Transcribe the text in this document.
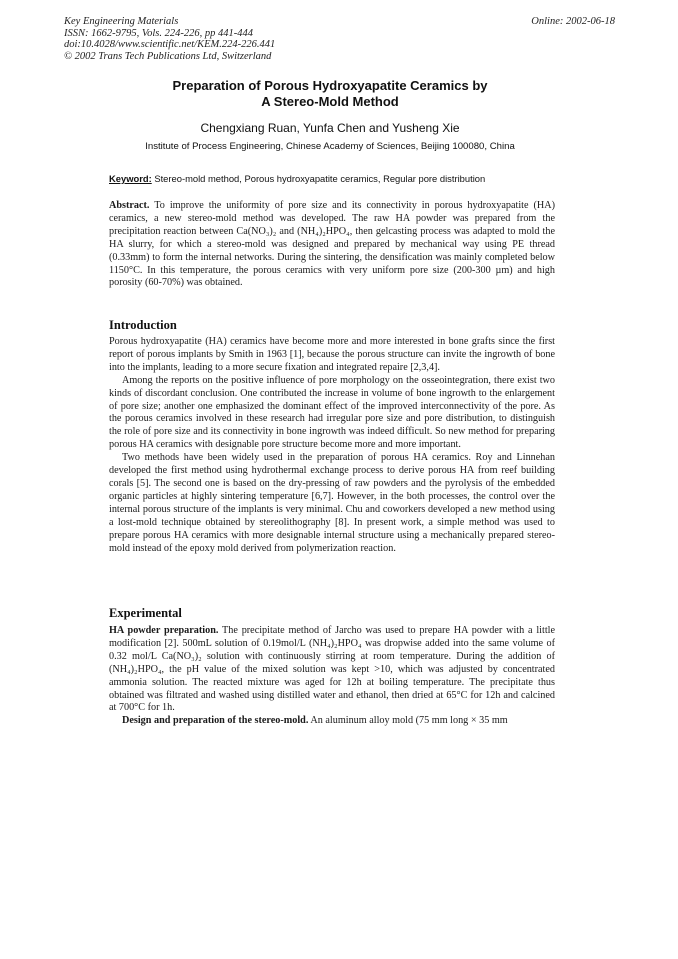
Key Engineering Materials
ISSN: 1662-9795, Vols. 224-226, pp 441-444
doi:10.4028/www.scientific.net/KEM.224-226.441
© 2002 Trans Tech Publications Ltd, Switzerland
Online: 2002-06-18
Preparation of Porous Hydroxyapatite Ceramics by
A Stereo-Mold Method
Chengxiang Ruan, Yunfa Chen and Yusheng Xie
Institute of Process Engineering, Chinese Academy of Sciences, Beijing 100080, China
Keyword: Stereo-mold method, Porous hydroxyapatite ceramics, Regular pore distribution

Abstract. To improve the uniformity of pore size and its connectivity in porous hydroxyapatite (HA) ceramics, a new stereo-mold method was developed. The raw HA powder was prepared from the precipitation reaction between Ca(NO₃)₂ and (NH₄)₂HPO₄, then gelcasting process was adapted to mold the HA slurry, for which a stereo-mold was designed and prepared by mechanical way using PE thread (0.33mm) to form the internal networks. During the sintering, the densification was mainly completed below 1150°C. In this temperature, the porous ceramics with very uniform pore size (200-300 µm) and high porosity (60-70%) was obtained.

Introduction

Porous hydroxyapatite (HA) ceramics have become more and more interested in bone grafts since the first report of porous implants by Smith in 1963 [1], because the porous structure can invite the ingrowth of bone into the implants, leading to a more secure fixation and integrated repaire [2,3,4].

Among the reports on the positive influence of pore morphology on the osseointegration, there exist two kinds of discordant conclusion. One contributed the increase in volume of bone ingrowth to the enlargement of pore size; another one emphasized the dominant effect of the improved interconnectivity of the pore. As the porous ceramics involved in these research had irregular pore size and pore distribution, to distinguish the role of pore size and its connectivity in bone ingrowth was indeed difficult. So new method for preparing porous HA ceramics with designable pore structure become more and more important.

Two methods have been widely used in the preparation of porous HA ceramics. Roy and Linnehan developed the first method using hydrothermal exchange process to derive porous HA from reef building corals [5]. The second one is based on the dry-pressing of raw powders and the pyrolysis of the embedded organic particles at highly sintering temperature [6,7]. However, in the both processes, the control over the internal porous structure of the implants is very minimal. Chu and coworkers developed a new method using a lost-mold technique obtained by stereolithography [8]. In present work, a simple method was used to prepare porous HA ceramics with more designable internal structure using a mechanically prepared stereo-mold instead of the epoxy mold derived from polymerization reaction.

Experimental

HA powder preparation. The precipitate method of Jarcho was used to prepare HA powder with a little modification [2]. 500mL solution of 0.19mol/L (NH₄)₂HPO₄ was dropwise added into the same volume of 0.32 mol/L Ca(NO₃)₂ solution with continuously stirring at room temperature. During the addition of (NH₄)₂HPO₄, the pH value of the mixed solution was kept >10, which was adjusted by concentrated ammonia solution. The reacted mixture was aged for 12h at boiling temperature. The precipitate thus obtained was filtrated and washed using distilled water and ethanol, then dried at 65°C for 12h and calcined at 700°C for 1h.

Design and preparation of the stereo-mold. An aluminum alloy mold (75 mm long × 35 mm
